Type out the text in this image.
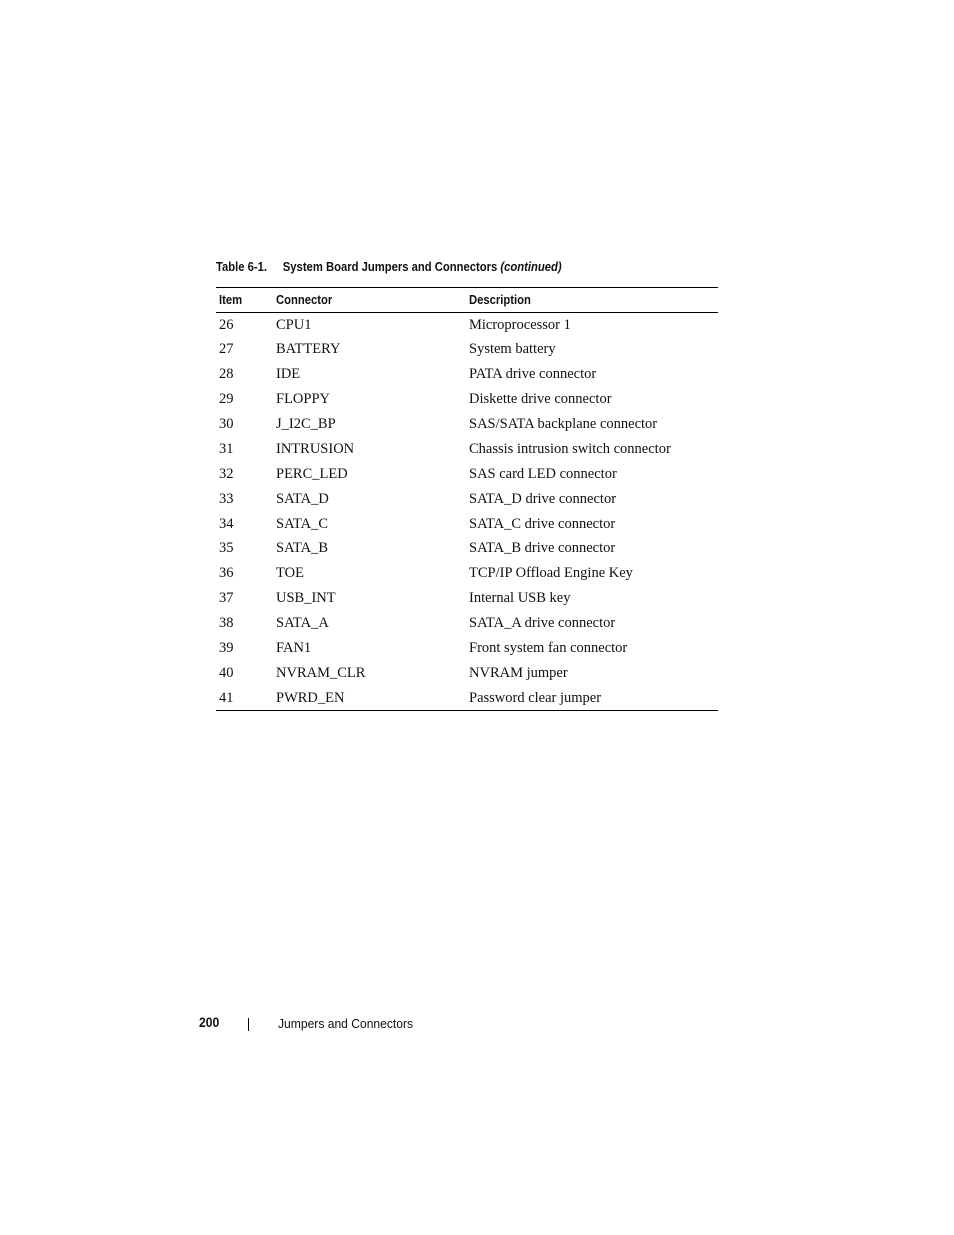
Table 6-1. System Board Jumpers and Connectors (continued)
Item	Connector	Description
26	CPU1	Microprocessor 1
27	BATTERY	System battery
28	IDE	PATA drive connector
29	FLOPPY	Diskette drive connector
30	J_I2C_BP	SAS/SATA backplane connector
31	INTRUSION	Chassis intrusion switch connector
32	PERC_LED	SAS card LED connector
33	SATA_D	SATA_D drive connector
34	SATA_C	SATA_C drive connector
35	SATA_B	SATA_B drive connector
36	TOE	TCP/IP Offload Engine Key
37	USB_INT	Internal USB key
38	SATA_A	SATA_A drive connector
39	FAN1	Front system fan connector
40	NVRAM_CLR	NVRAM jumper
41	PWRD_EN	Password clear jumper
200	Jumpers and Connectors
